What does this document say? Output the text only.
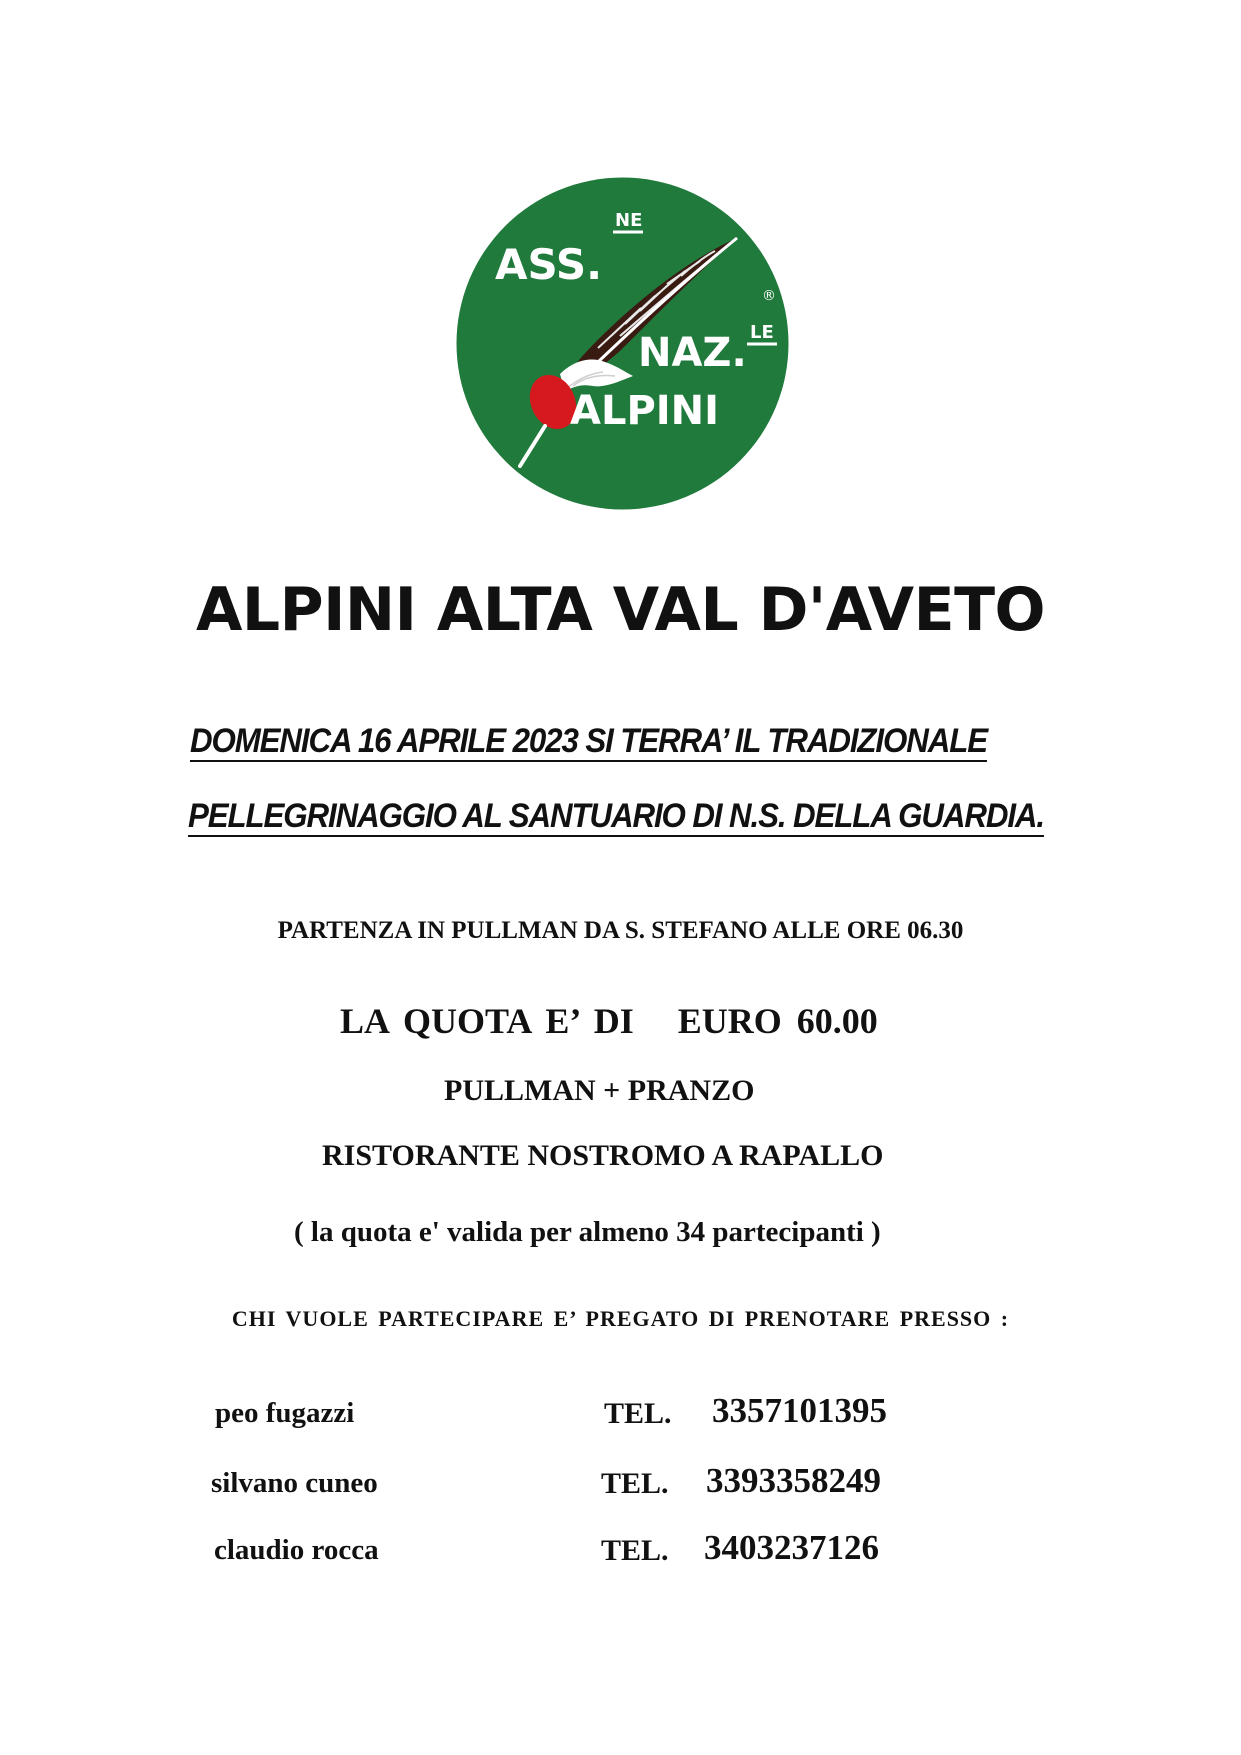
ASS.
NE
NAZ. LE
®
ALPINI
ALPINI ALTA VAL D'AVETO
DOMENICA 16 APRILE 2023 SI TERRA’ IL TRADIZIONALE
PELLEGRINAGGIO AL SANTUARIO DI N.S. DELLA GUARDIA.
PARTENZA IN PULLMAN DA S. STEFANO ALLE ORE 06.30
LA QUOTA E’ DI EURO 60.00
PULLMAN + PRANZO
RISTORANTE NOSTROMO A RAPALLO
( la quota e' valida per almeno 34 partecipanti )
CHI VUOLE PARTECIPARE E’ PREGATO DI PRENOTARE PRESSO :
peo fugazzi	TEL. 3357101395
silvano cuneo	TEL. 3393358249
claudio rocca	TEL. 3403237126
